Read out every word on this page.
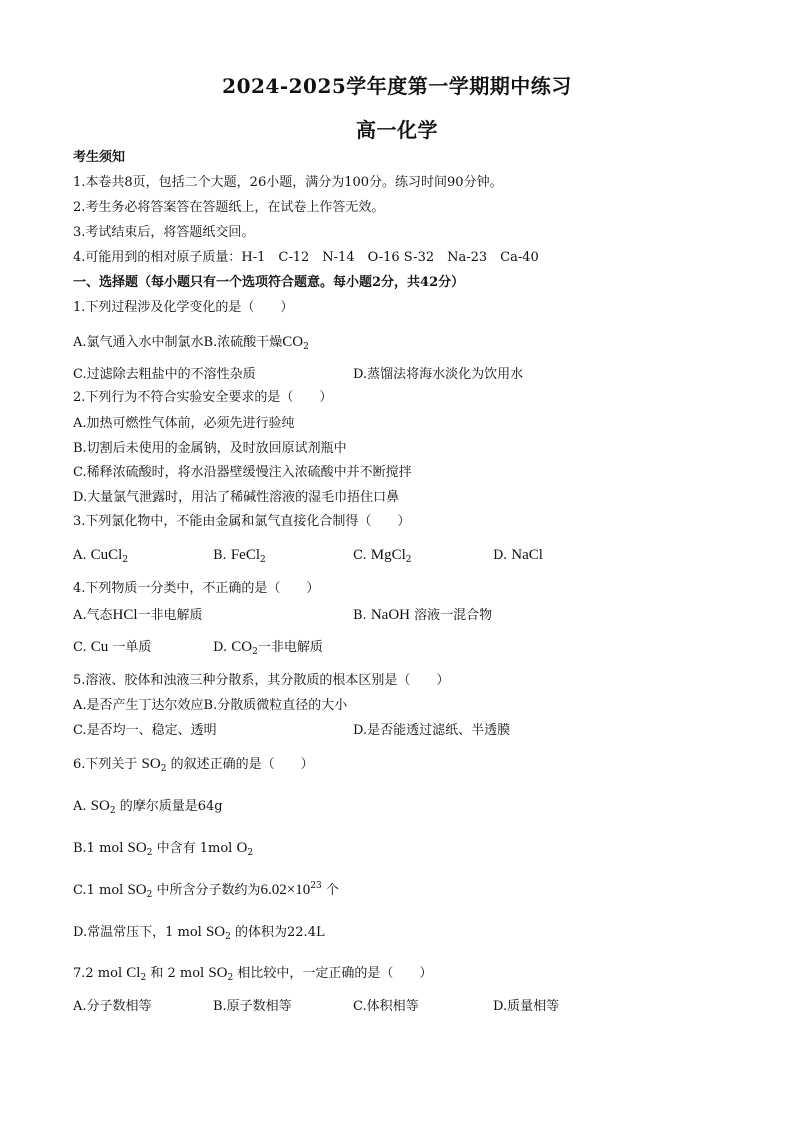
2024-2025学年度第一学期期中练习
高一化学
考生须知
1.本卷共8页，包括二个大题，26小题，满分为100分。练习时间90分钟。
2.考生务必将答案答在答题纸上，在试卷上作答无效。
3.考试结束后，将答题纸交回。
4.可能用到的相对原子质量：H-1　C-12　N-14　O-16 S-32　Na-23　Ca-40
一、选择题（每小题只有一个选项符合题意。每小题2分，共42分）
1.下列过程涉及化学变化的是（　　）
A.氯气通入水中制氯水B.浓硫酸干燥$CO_2$
C.过滤除去粗盐中的不溶性杂质	D.蒸馏法将海水淡化为饮用水
2.下列行为不符合实验安全要求的是（　　）
A.加热可燃性气体前，必须先进行验纯
B.切割后未使用的金属钠，及时放回原试剂瓶中
C.稀释浓硫酸时，将水沿器壁缓慢注入浓硫酸中并不断搅拌
D.大量氯气泄露时，用沾了稀碱性溶液的湿毛巾捂住口鼻
3.下列氯化物中，不能由金属和氯气直接化合制得（　　）
A. CuCl$_2$	B. FeCl$_2$	C. MgCl$_2$	D. NaCl
4.下列物质一分类中，不正确的是（　　）
A.气态HCl一非电解质	B. NaOH 溶液一混合物
C. Cu 一单质	D. $CO_2$一非电解质
5.溶液、胶体和浊液三种分散系，其分散质的根本区别是（　　）
A.是否产生丁达尔效应B.分散质微粒直径的大小
C.是否均一、稳定、透明	D.是否能透过滤纸、半透膜
6.下列关于 $SO_2$ 的叙述正确的是（　　）
A. $SO_2$ 的摩尔质量是64g
B.1 mol $SO_2$ 中含有 1mol $O_2$
C.1 mol $SO_2$ 中所含分子数约为$6.02\times 10^{23}$ 个
D.常温常压下，1 mol $SO_2$ 的体积为22.4L
7.2 mol $Cl_2$ 和 2 mol $SO_2$ 相比较中，一定正确的是（　　）
A.分子数相等	B.原子数相等	C.体积相等	D.质量相等
